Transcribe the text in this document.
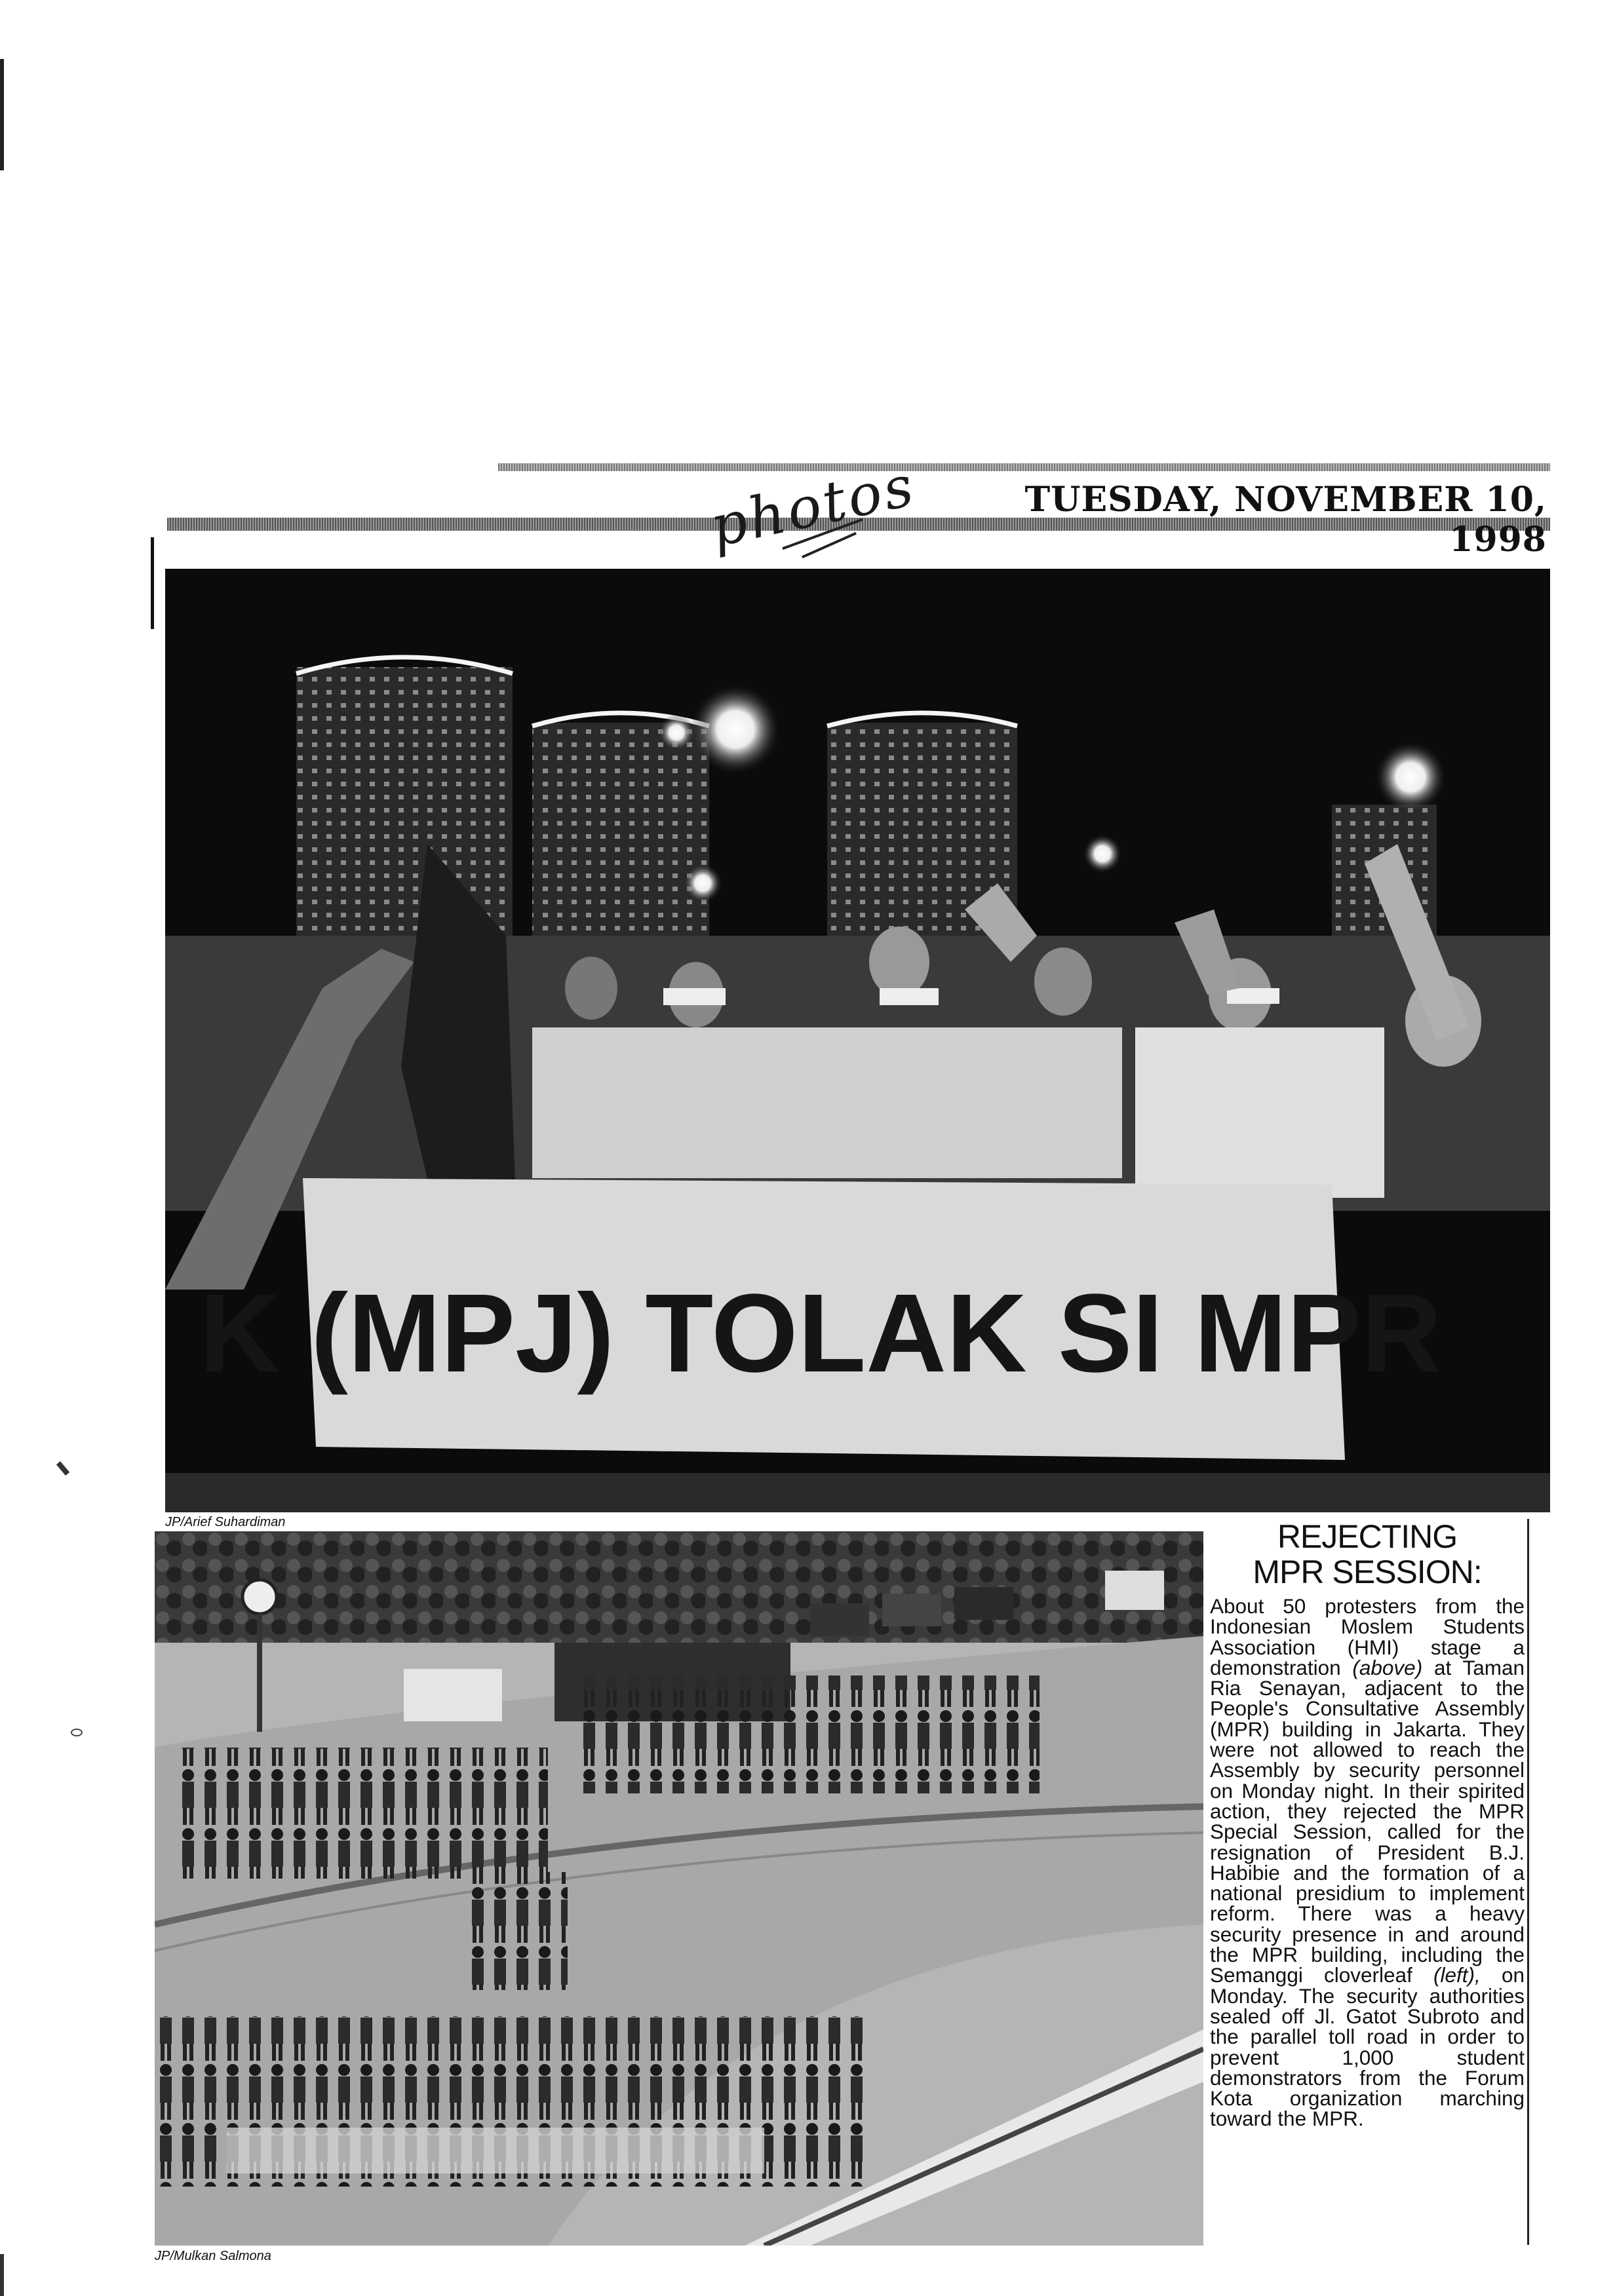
photos	TUESDAY, NOVEMBER 10, 1998
K (MPJ) TOLAK SI MPR
JP/Arief Suhardiman
JP/Mulkan Salmona
REJECTING
MPR SESSION:
About 50 protesters from the Indonesian Moslem Students Association (HMI) stage a demonstration (above) at Taman Ria Senayan, adjacent to the People's Consultative Assembly (MPR) building in Jakarta. They were not allowed to reach the Assembly by security personnel on Monday night. In their spirited action, they rejected the MPR Special Session, called for the resignation of President B.J. Habibie and the formation of a national presidium to implement reform. There was a heavy security presence in and around the MPR building, including the Semanggi cloverleaf (left), on Monday. The security authorities sealed off Jl. Gatot Subroto and the parallel toll road in order to prevent 1,000 student demonstrators from the Forum Kota organization marching toward the MPR.
